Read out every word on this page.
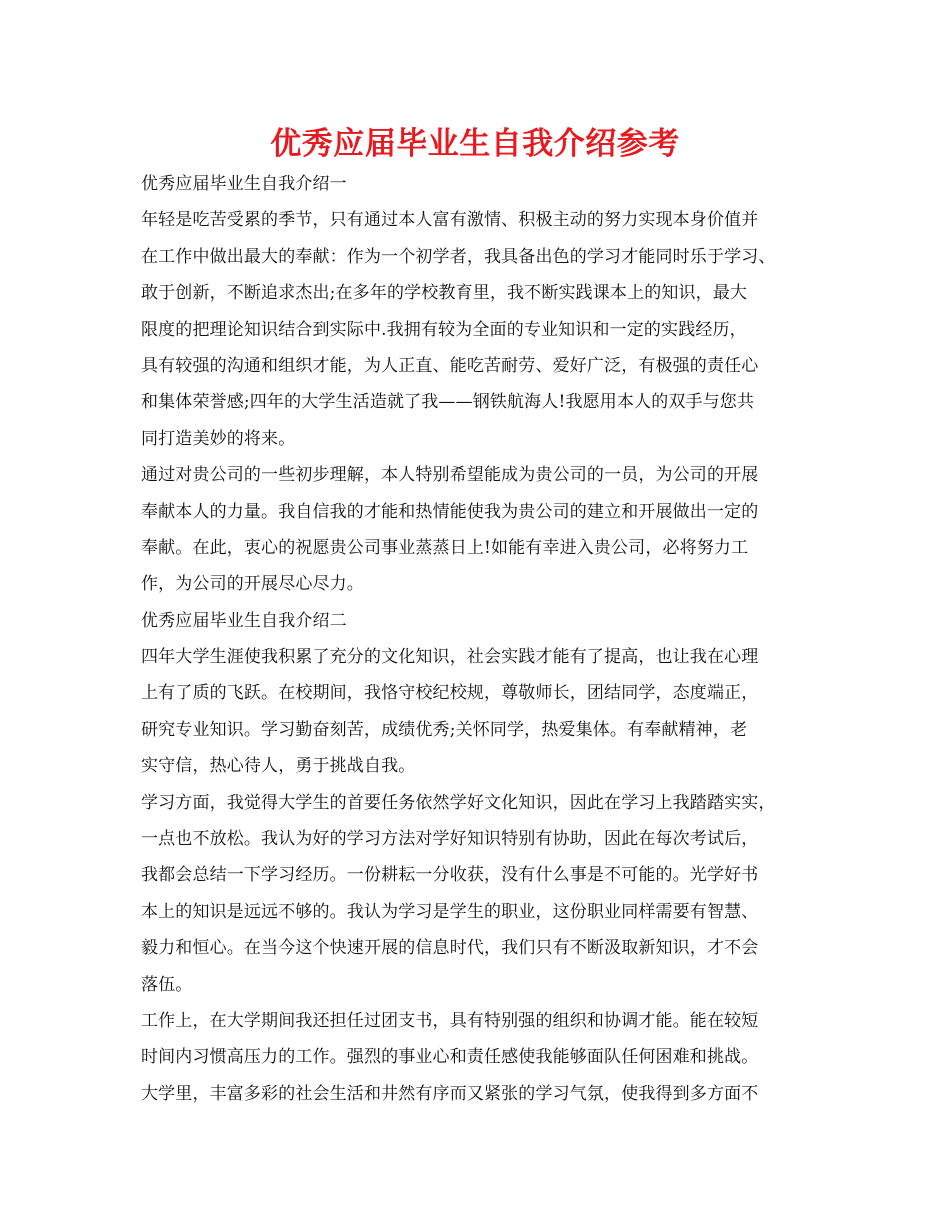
优秀应届毕业生自我介绍参考
优秀应届毕业生自我介绍一
年轻是吃苦受累的季节，只有通过本人富有激情、积极主动的努力实现本身价值并
在工作中做出最大的奉献：作为一个初学者，我具备出色的学习才能同时乐于学习、
敢于创新，不断追求杰出;在多年的学校教育里，我不断实践课本上的知识，最大
限度的把理论知识结合到实际中.我拥有较为全面的专业知识和一定的实践经历，
具有较强的沟通和组织才能，为人正直、能吃苦耐劳、爱好广泛，有极强的责任心
和集体荣誉感;四年的大学生活造就了我——钢铁航海人!我愿用本人的双手与您共
同打造美妙的将来。
通过对贵公司的一些初步理解，本人特别希望能成为贵公司的一员，为公司的开展
奉献本人的力量。我自信我的才能和热情能使我为贵公司的建立和开展做出一定的
奉献。在此，衷心的祝愿贵公司事业蒸蒸日上!如能有幸进入贵公司，必将努力工
作，为公司的开展尽心尽力。
优秀应届毕业生自我介绍二
四年大学生涯使我积累了充分的文化知识，社会实践才能有了提高，也让我在心理
上有了质的飞跃。在校期间，我恪守校纪校规，尊敬师长，团结同学，态度端正，
研究专业知识。学习勤奋刻苦，成绩优秀;关怀同学，热爱集体。有奉献精神，老
实守信，热心待人，勇于挑战自我。
学习方面，我觉得大学生的首要任务依然学好文化知识，因此在学习上我踏踏实实，
一点也不放松。我认为好的学习方法对学好知识特别有协助，因此在每次考试后，
我都会总结一下学习经历。一份耕耘一分收获，没有什么事是不可能的。光学好书
本上的知识是远远不够的。我认为学习是学生的职业，这份职业同样需要有智慧、
毅力和恒心。在当今这个快速开展的信息时代，我们只有不断汲取新知识，才不会
落伍。
工作上，在大学期间我还担任过团支书，具有特别强的组织和协调才能。能在较短
时间内习惯高压力的工作。强烈的事业心和责任感使我能够面队任何困难和挑战。
大学里，丰富多彩的社会生活和井然有序而又紧张的学习气氛，使我得到多方面不
